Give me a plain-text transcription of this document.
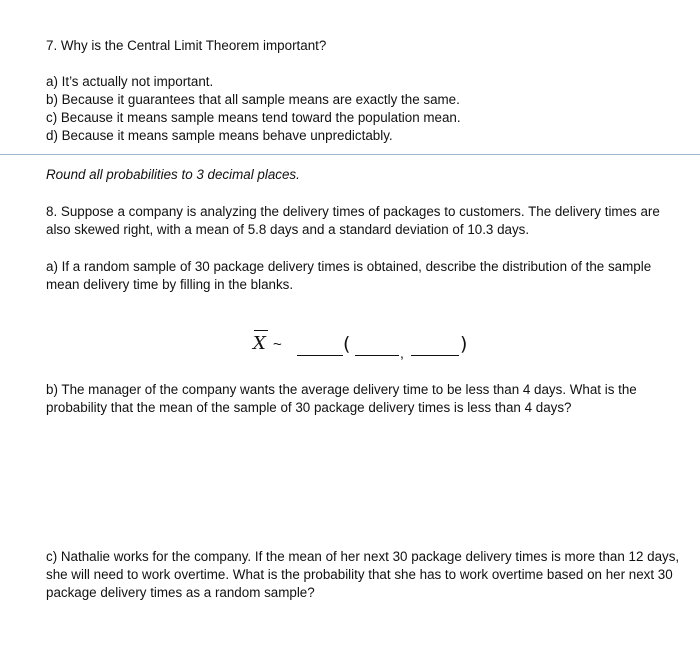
7. Why is the Central Limit Theorem important?
a) It’s actually not important.
b) Because it guarantees that all sample means are exactly the same.
c) Because it means sample means tend toward the population mean.
d) Because it means sample means behave unpredictably.
Round all probabilities to 3 decimal places.
8. Suppose a company is analyzing the delivery times of packages to customers. The delivery times are also skewed right, with a mean of 5.8 days and a standard deviation of 10.3 days.
a) If a random sample of 30 package delivery times is obtained, describe the distribution of the sample mean delivery time by filling in the blanks.
X ~	(	,	)
b) The manager of the company wants the average delivery time to be less than 4 days. What is the probability that the mean of the sample of 30 package delivery times is less than 4 days?
c) Nathalie works for the company. If the mean of her next 30 package delivery times is more than 12 days, she will need to work overtime. What is the probability that she has to work overtime based on her next 30 package delivery times as a random sample?
